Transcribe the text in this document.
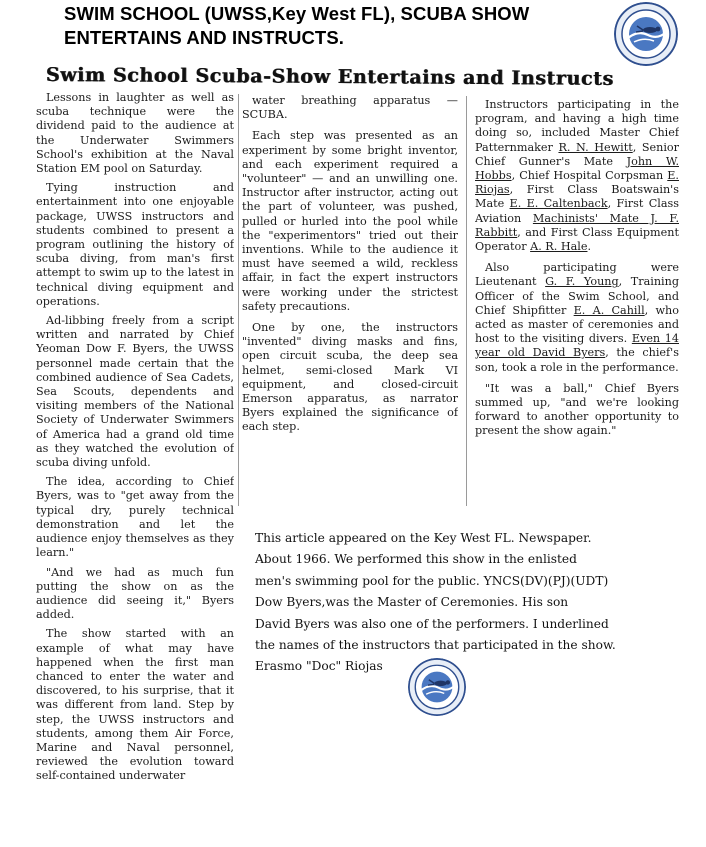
SWIM SCHOOL (UWSS,Key West FL), SCUBA SHOW
ENTERTAINS AND INSTRUCTS.
Swim School Scuba-Show Entertains and Instructs

Lessons in laughter as well as scuba technique were the dividend paid to the audience at the Underwater Swimmers School's exhibition at the Naval Station EM pool on Saturday.

Tying instruction and entertainment into one enjoyable package, UWSS instructors and students combined to present a program outlining the history of scuba diving, from man's first attempt to swim up to the latest in technical diving equipment and operations.

Ad-libbing freely from a script written and narrated by Chief Yeoman Dow F. Byers, the UWSS personnel made certain that the combined audience of Sea Cadets, Sea Scouts, dependents and visiting members of the National Society of Underwater Swimmers of America had a grand old time as they watched the evolution of scuba diving unfold.

The idea, according to Chief Byers, was to "get away from the typical dry, purely technical demonstration and let the audience enjoy themselves as they learn."

"And we had as much fun putting the show on as the audience did seeing it," Byers added.

The show started with an example of what may have happened when the first man chanced to enter the water and discovered, to his surprise, that it was different from land. Step by step, the UWSS instructors and students, among them Air Force, Marine and Naval personnel, reviewed the evolution toward self-contained underwater

water breathing apparatus — SCUBA.

Each step was presented as an experiment by some bright inventor, and each experiment required a "volunteer" — and an unwilling one. Instructor after instructor, acting out the part of volunteer, was pushed, pulled or hurled into the pool while the "experimentors" tried out their inventions. While to the audience it must have seemed a wild, reckless affair, in fact the expert instructors were working under the strictest safety precautions.

One by one, the instructors "invented" diving masks and fins, open circuit scuba, the deep sea helmet, semi-closed Mark VI equipment, and closed-circuit Emerson apparatus, as narrator Byers explained the significance of each step.

Instructors participating in the program, and having a high time doing so, included Master Chief Patternmaker R. N. Hewitt, Senior Chief Gunner's Mate John W. Hobbs, Chief Hospital Corpsman E. Riojas, First Class Boatswain's Mate E. E. Caltenback, First Class Aviation Machinists' Mate J. F. Rabbitt, and First Class Equipment Operator A. R. Hale.

Also participating were Lieutenant G. F. Young, Training Officer of the Swim School, and Chief Shipfitter E. A. Cahill, who acted as master of ceremonies and host to the visiting divers. Even 14 year old David Byers, the chief's son, took a role in the performance.

"It was a ball," Chief Byers summed up, "and we're looking forward to another opportunity to present the show again."

This article appeared on the Key West FL. Newspaper.
About 1966. We performed this show in the enlisted
men's swimming pool for the public. YNCS(DV)(PJ)(UDT)
Dow Byers,was the Master of Ceremonies. His son
David Byers was also one of the performers. I underlined
the names of the instructors that participated in the show.
Erasmo "Doc" Riojas
